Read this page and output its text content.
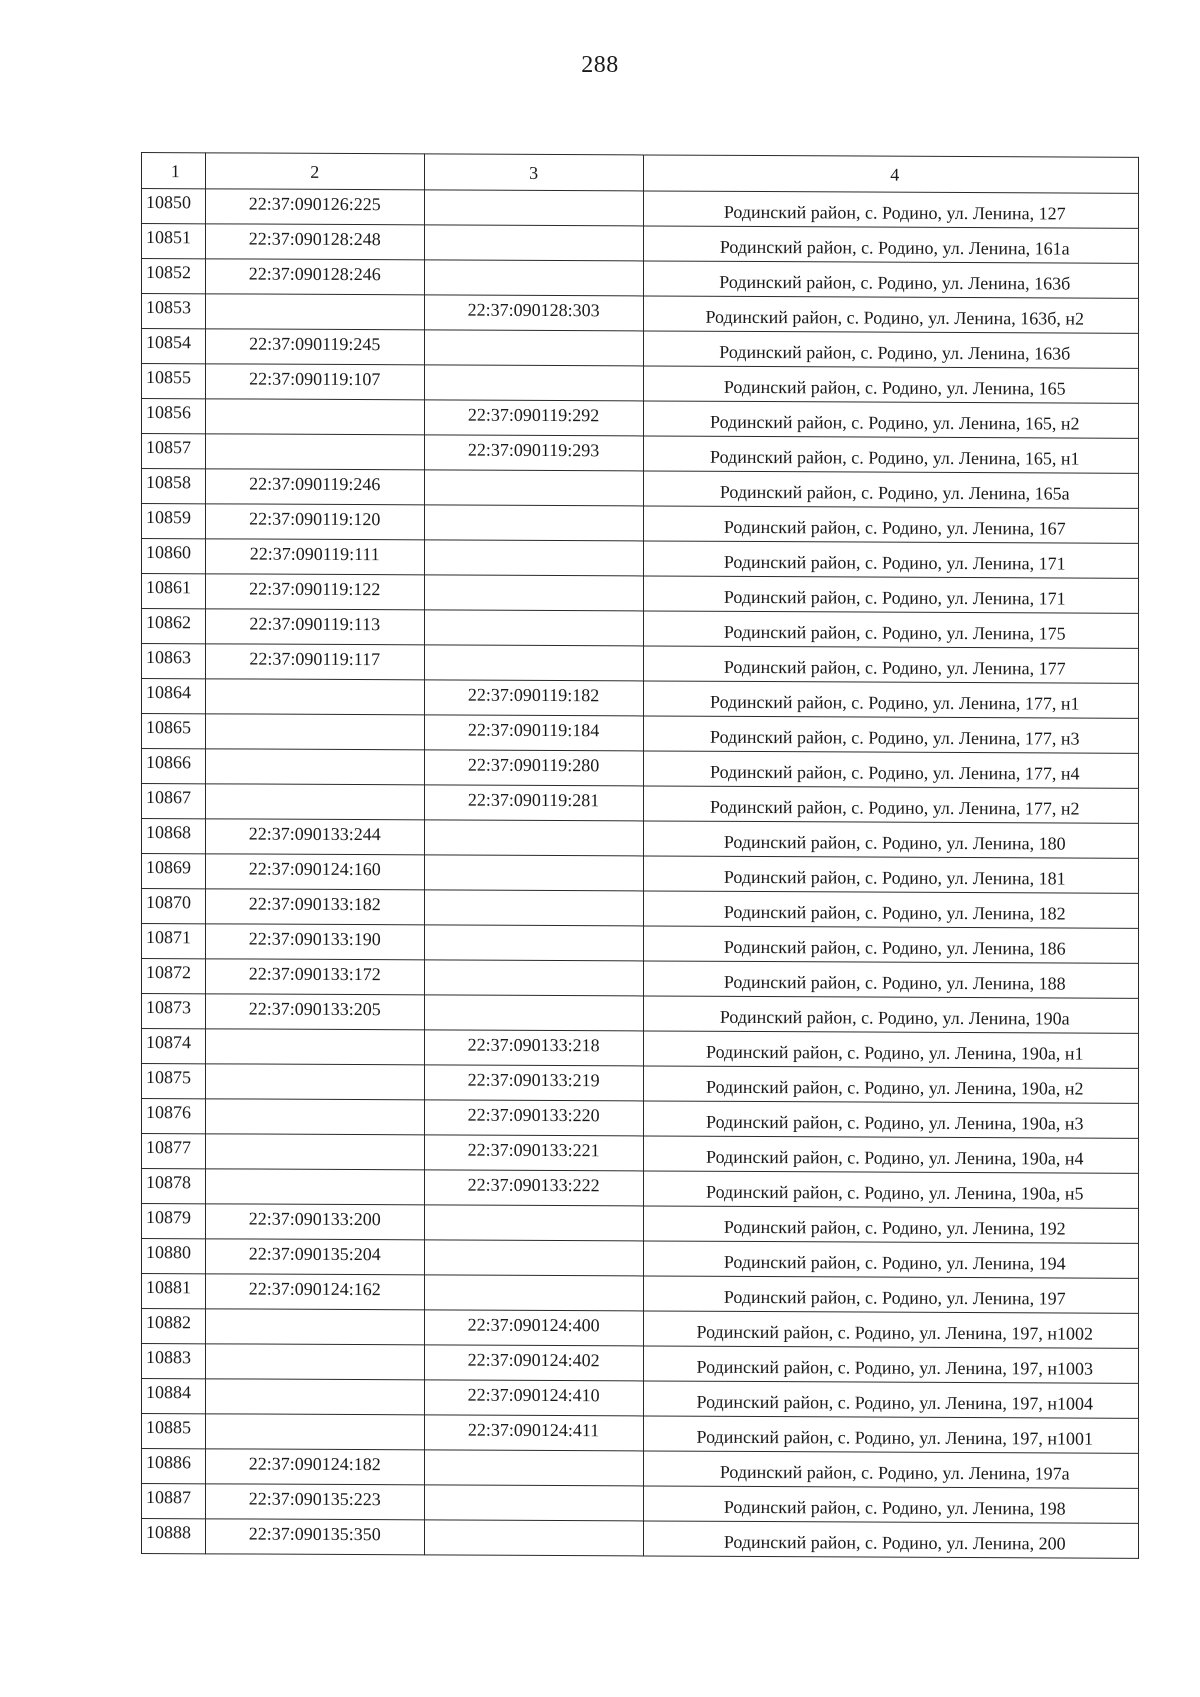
288
1	2	3	4
10850	22:37:090126:225		Родинский район, с. Родино, ул. Ленина, 127
10851	22:37:090128:248		Родинский район, с. Родино, ул. Ленина, 161а
10852	22:37:090128:246		Родинский район, с. Родино, ул. Ленина, 163б
10853		22:37:090128:303	Родинский район, с. Родино, ул. Ленина, 163б, н2
10854	22:37:090119:245		Родинский район, с. Родино, ул. Ленина, 163б
10855	22:37:090119:107		Родинский район, с. Родино, ул. Ленина, 165
10856		22:37:090119:292	Родинский район, с. Родино, ул. Ленина, 165, н2
10857		22:37:090119:293	Родинский район, с. Родино, ул. Ленина, 165, н1
10858	22:37:090119:246		Родинский район, с. Родино, ул. Ленина, 165а
10859	22:37:090119:120		Родинский район, с. Родино, ул. Ленина, 167
10860	22:37:090119:111		Родинский район, с. Родино, ул. Ленина, 171
10861	22:37:090119:122		Родинский район, с. Родино, ул. Ленина, 171
10862	22:37:090119:113		Родинский район, с. Родино, ул. Ленина, 175
10863	22:37:090119:117		Родинский район, с. Родино, ул. Ленина, 177
10864		22:37:090119:182	Родинский район, с. Родино, ул. Ленина, 177, н1
10865		22:37:090119:184	Родинский район, с. Родино, ул. Ленина, 177, н3
10866		22:37:090119:280	Родинский район, с. Родино, ул. Ленина, 177, н4
10867		22:37:090119:281	Родинский район, с. Родино, ул. Ленина, 177, н2
10868	22:37:090133:244		Родинский район, с. Родино, ул. Ленина, 180
10869	22:37:090124:160		Родинский район, с. Родино, ул. Ленина, 181
10870	22:37:090133:182		Родинский район, с. Родино, ул. Ленина, 182
10871	22:37:090133:190		Родинский район, с. Родино, ул. Ленина, 186
10872	22:37:090133:172		Родинский район, с. Родино, ул. Ленина, 188
10873	22:37:090133:205		Родинский район, с. Родино, ул. Ленина, 190а
10874		22:37:090133:218	Родинский район, с. Родино, ул. Ленина, 190а, н1
10875		22:37:090133:219	Родинский район, с. Родино, ул. Ленина, 190а, н2
10876		22:37:090133:220	Родинский район, с. Родино, ул. Ленина, 190а, н3
10877		22:37:090133:221	Родинский район, с. Родино, ул. Ленина, 190а, н4
10878		22:37:090133:222	Родинский район, с. Родино, ул. Ленина, 190а, н5
10879	22:37:090133:200		Родинский район, с. Родино, ул. Ленина, 192
10880	22:37:090135:204		Родинский район, с. Родино, ул. Ленина, 194
10881	22:37:090124:162		Родинский район, с. Родино, ул. Ленина, 197
10882		22:37:090124:400	Родинский район, с. Родино, ул. Ленина, 197, н1002
10883		22:37:090124:402	Родинский район, с. Родино, ул. Ленина, 197, н1003
10884		22:37:090124:410	Родинский район, с. Родино, ул. Ленина, 197, н1004
10885		22:37:090124:411	Родинский район, с. Родино, ул. Ленина, 197, н1001
10886	22:37:090124:182		Родинский район, с. Родино, ул. Ленина, 197а
10887	22:37:090135:223		Родинский район, с. Родино, ул. Ленина, 198
10888	22:37:090135:350		Родинский район, с. Родино, ул. Ленина, 200
